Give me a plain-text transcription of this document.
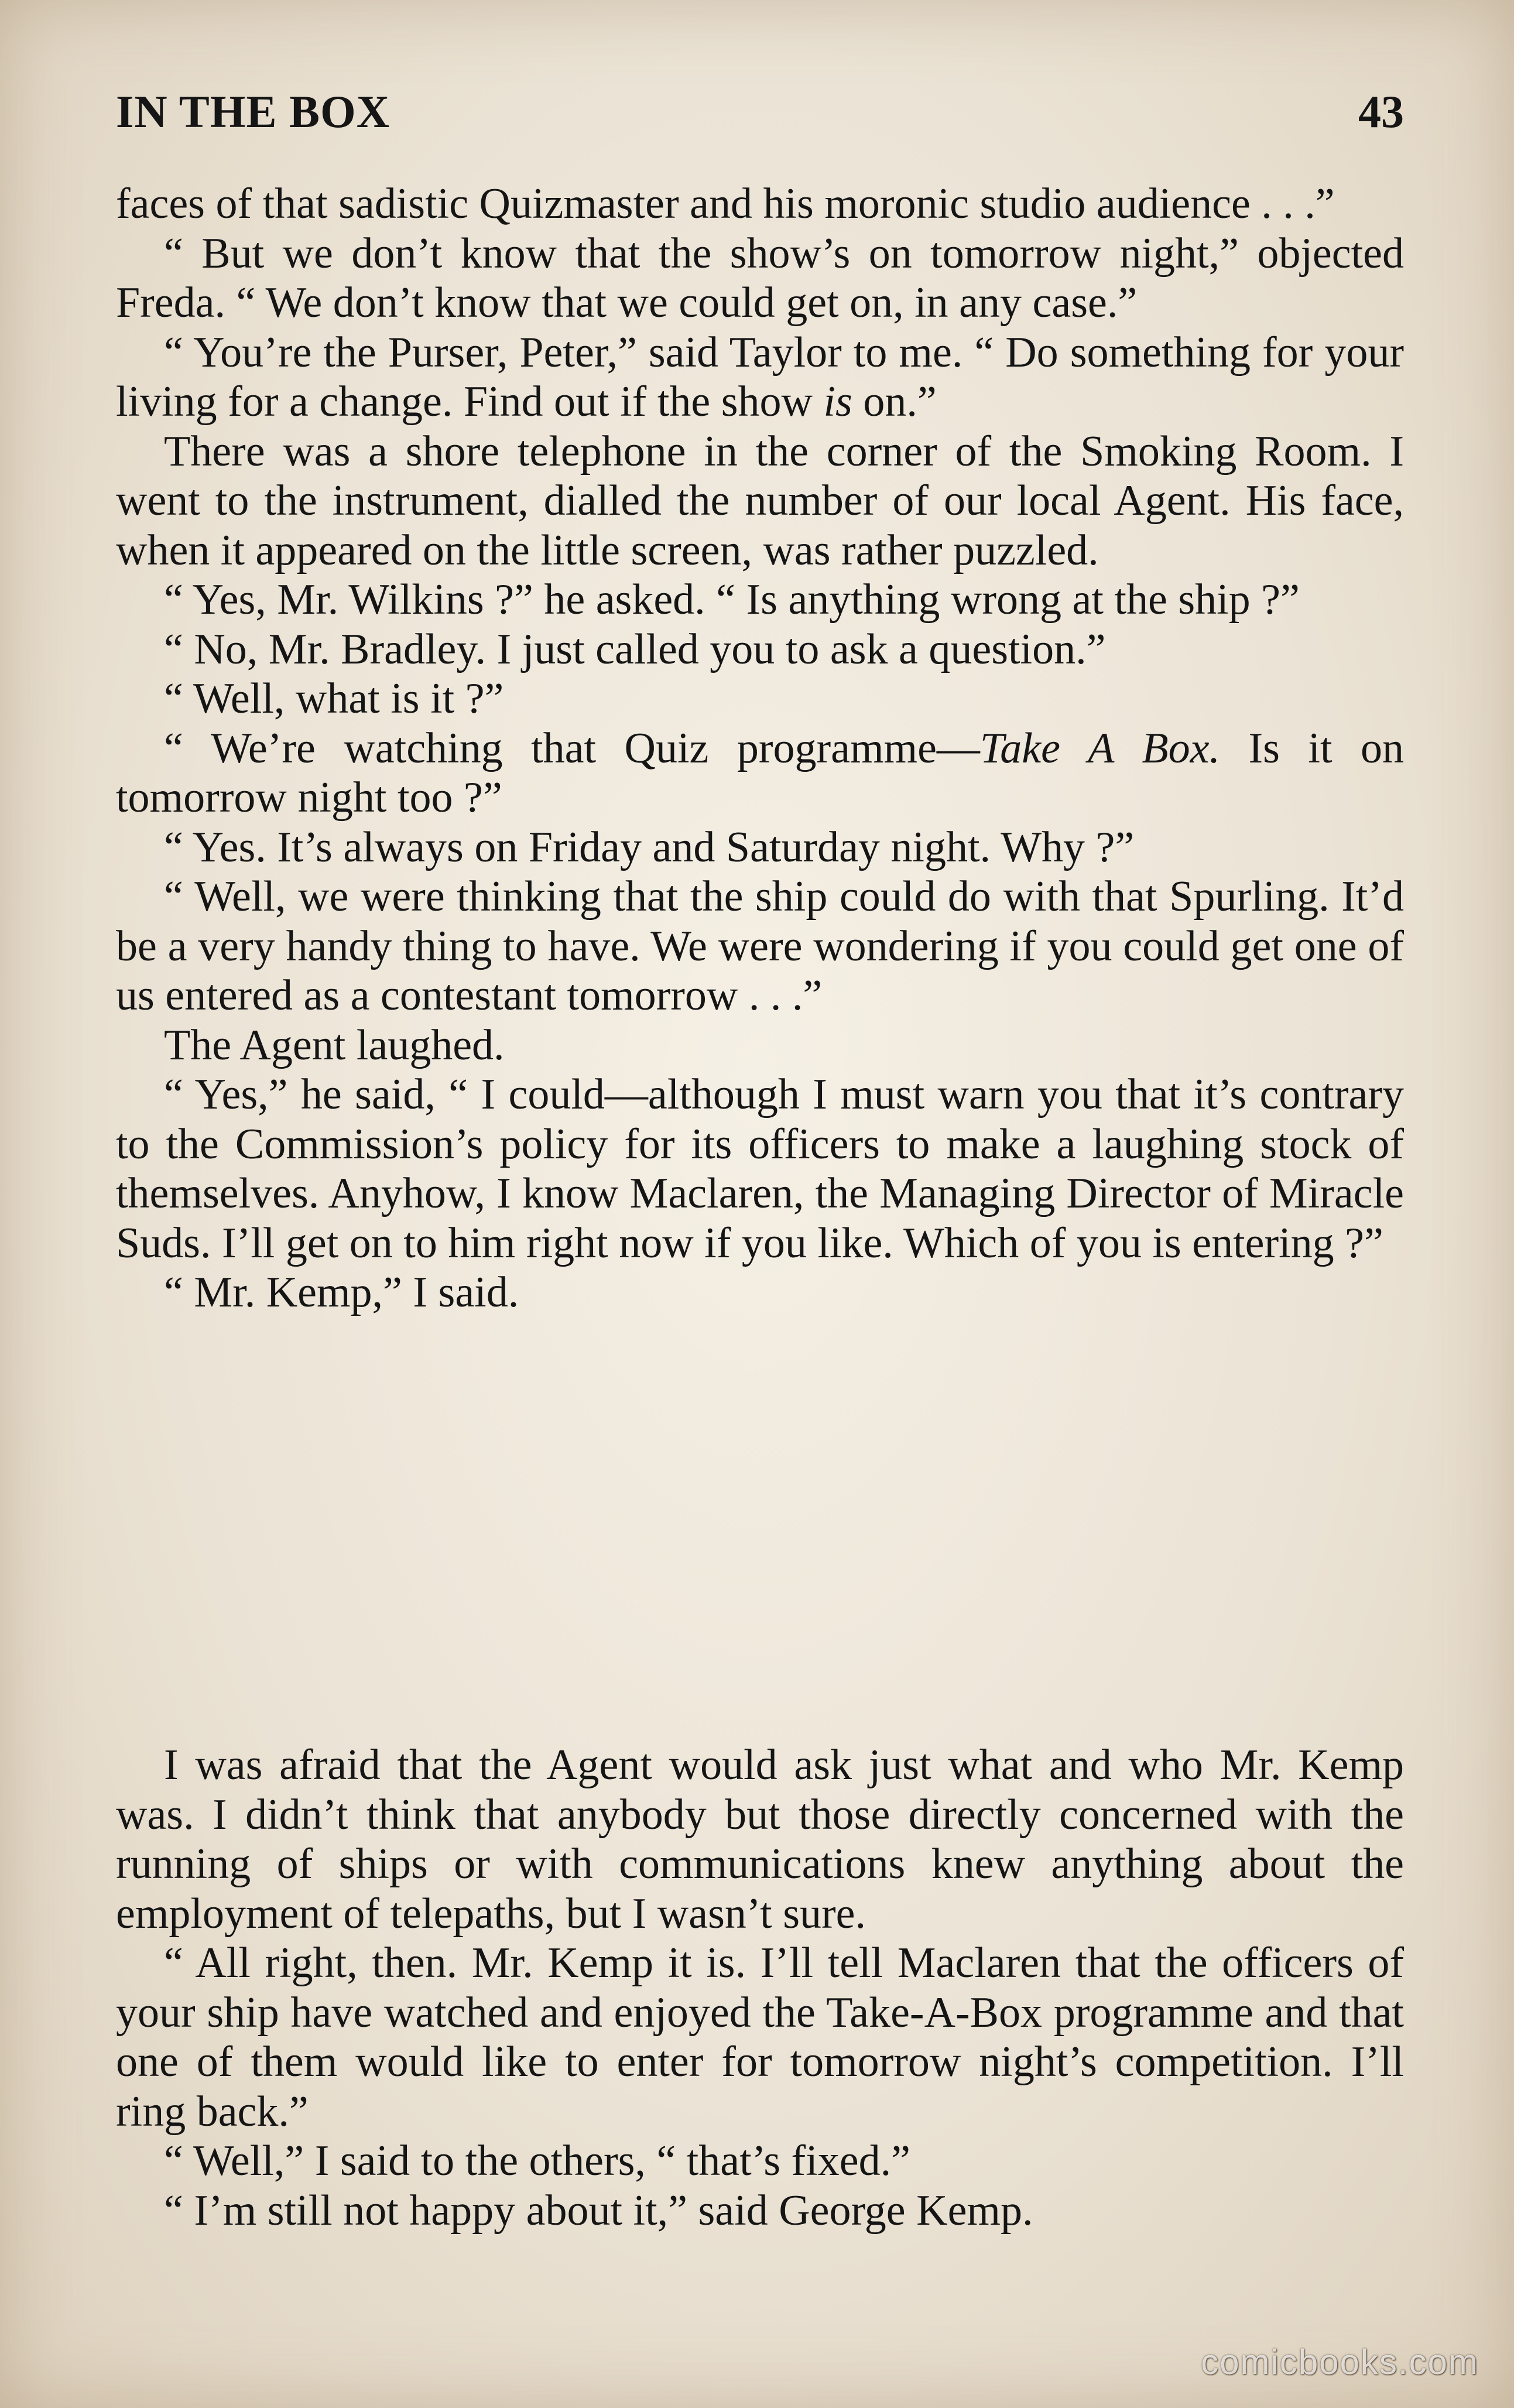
IN THE BOX	43

faces of that sadistic Quizmaster and his moronic studio audience . . .”

“ But we don’t know that the show’s on tomorrow night,” objected Freda. “ We don’t know that we could get on, in any case.”

“ You’re the Purser, Peter,” said Taylor to me. “ Do something for your living for a change. Find out if the show is on.”

There was a shore telephone in the corner of the Smoking Room. I went to the instrument, dialled the number of our local Agent. His face, when it appeared on the little screen, was rather puzzled.

“ Yes, Mr. Wilkins ?” he asked. “ Is anything wrong at the ship ?”

“ No, Mr. Bradley. I just called you to ask a question.”

“ Well, what is it ?”

“ We’re watching that Quiz programme—Take A Box. Is it on tomorrow night too ?”

“ Yes. It’s always on Friday and Saturday night. Why ?”

“ Well, we were thinking that the ship could do with that Spurling. It’d be a very handy thing to have. We were wondering if you could get one of us entered as a contestant tomorrow . . .”

The Agent laughed.

“ Yes,” he said, “ I could—although I must warn you that it’s contrary to the Commission’s policy for its officers to make a laughing stock of themselves. Anyhow, I know Maclaren, the Managing Director of Miracle Suds. I’ll get on to him right now if you like. Which of you is entering ?”

“ Mr. Kemp,” I said.

I was afraid that the Agent would ask just what and who Mr. Kemp was. I didn’t think that anybody but those directly concerned with the running of ships or with communications knew anything about the employment of telepaths, but I wasn’t sure.

“ All right, then. Mr. Kemp it is. I’ll tell Maclaren that the officers of your ship have watched and enjoyed the Take-A-Box programme and that one of them would like to enter for tomorrow night’s competition. I’ll ring back.”

“ Well,” I said to the others, “ that’s fixed.”

“ I’m still not happy about it,” said George Kemp.

comicbooks.com
